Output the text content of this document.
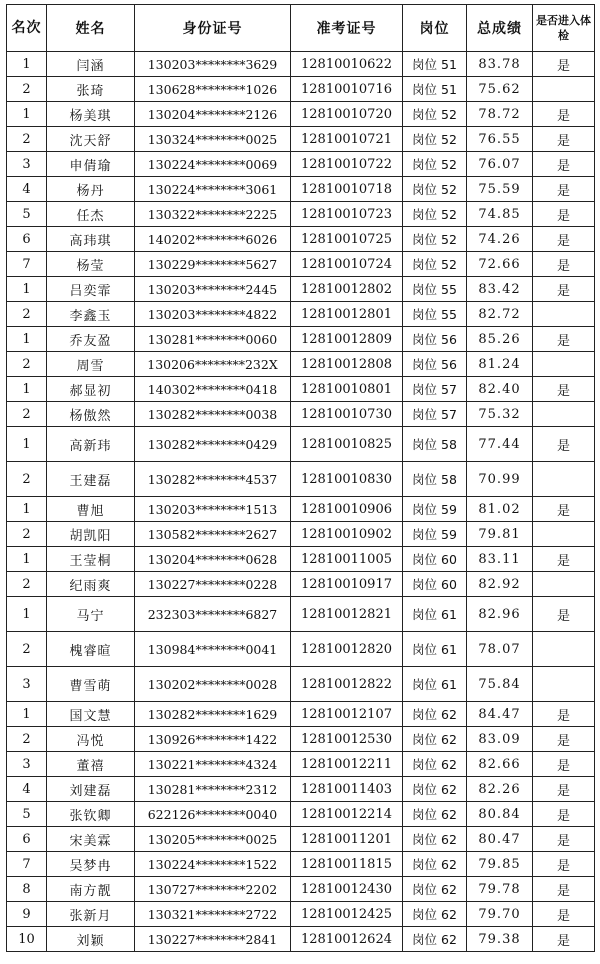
名次	姓名	身份证号	准考证号	岗位	总成绩	是否进入体检
1	闫涵	130203********3629	12810010622	岗位 51	83.78	是
2	张琦	130628********1026	12810010716	岗位 51	75.62	
1	杨美琪	130204********2126	12810010720	岗位 52	78.72	是
2	沈天舒	130324********0025	12810010721	岗位 52	76.55	是
3	申倩瑜	130224********0069	12810010722	岗位 52	76.07	是
4	杨丹	130224********3061	12810010718	岗位 52	75.59	是
5	任杰	130322********2225	12810010723	岗位 52	74.85	是
6	高玮琪	140202********6026	12810010725	岗位 52	74.26	是
7	杨莹	130229********5627	12810010724	岗位 52	72.66	是
1	吕奕霏	130203********2445	12810012802	岗位 55	83.42	是
2	李鑫玉	130203********4822	12810012801	岗位 55	82.72	
1	乔友盈	130281********0060	12810012809	岗位 56	85.26	是
2	周雪	130206********232X	12810012808	岗位 56	81.24	
1	郝显初	140302********0418	12810010801	岗位 57	82.40	是
2	杨傲然	130282********0038	12810010730	岗位 57	75.32	
1	高新玮	130282********0429	12810010825	岗位 58	77.44	是
2	王建磊	130282********4537	12810010830	岗位 58	70.99	
1	曹旭	130203********1513	12810010906	岗位 59	81.02	是
2	胡凯阳	130582********2627	12810010902	岗位 59	79.81	
1	王莹桐	130204********0628	12810011005	岗位 60	83.11	是
2	纪雨爽	130227********0228	12810010917	岗位 60	82.92	
1	马宁	232303********6827	12810012821	岗位 61	82.96	是
2	槐睿暄	130984********0041	12810012820	岗位 61	78.07	
3	曹雪萌	130202********0028	12810012822	岗位 61	75.84	
1	国文慧	130282********1629	12810012107	岗位 62	84.47	是
2	冯悦	130926********1422	12810012530	岗位 62	83.09	是
3	董禧	130221********4324	12810012211	岗位 62	82.66	是
4	刘建磊	130281********2312	12810011403	岗位 62	82.26	是
5	张钦卿	622126********0040	12810012214	岗位 62	80.84	是
6	宋美霖	130205********0025	12810011201	岗位 62	80.47	是
7	吴梦冉	130224********1522	12810011815	岗位 62	79.85	是
8	南方靓	130727********2202	12810012430	岗位 62	79.78	是
9	张新月	130321********2722	12810012425	岗位 62	79.70	是
10	刘颖	130227********2841	12810012624	岗位 62	79.38	是
